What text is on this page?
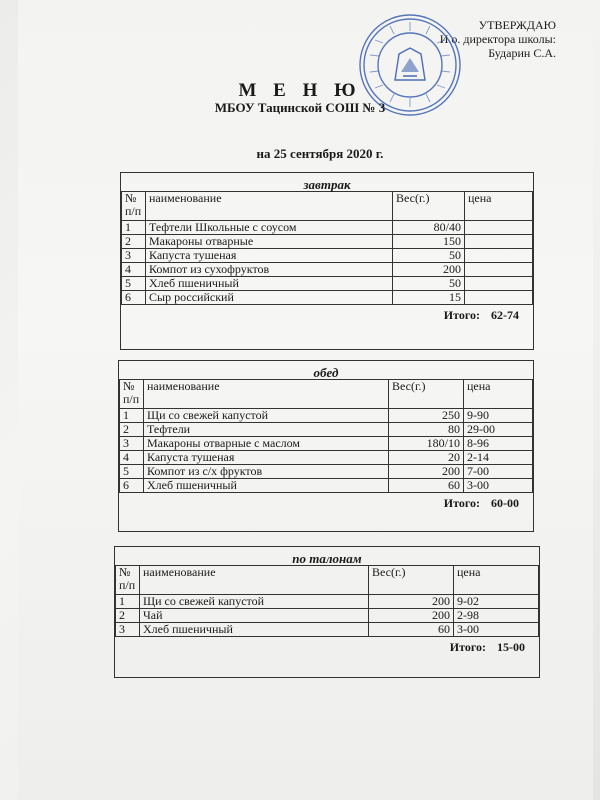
УТВЕРЖДАЮ
И.о. директора школы:
Бударин С.А.
М Е Н Ю
МБОУ Тацинской СОШ № 3
на 25 сентября 2020 г.
завтрак
№ п/п	наименование	Вес(г.)	цена
1	Тефтели Школьные с соусом	80/40	
2	Макароны отварные	150	
3	Капуста тушеная	50	
4	Компот из сухофруктов	200	
5	Хлеб пшеничный	50	
6	Сыр российский	15	
Итого: 62-74
обед
№ п/п	наименование	Вес(г.)	цена
1	Щи со свежей капустой	250	9-90
2	Тефтели	80	29-00
3	Макароны отварные с маслом	180/10	8-96
4	Капуста тушеная	20	2-14
5	Компот из с/х фруктов	200	7-00
6	Хлеб пшеничный	60	3-00
Итого: 60-00
по талонам
№ п/п	наименование	Вес(г.)	цена
1	Щи со свежей капустой	200	9-02
2	Чай	200	2-98
3	Хлеб пшеничный	60	3-00
Итого: 15-00
